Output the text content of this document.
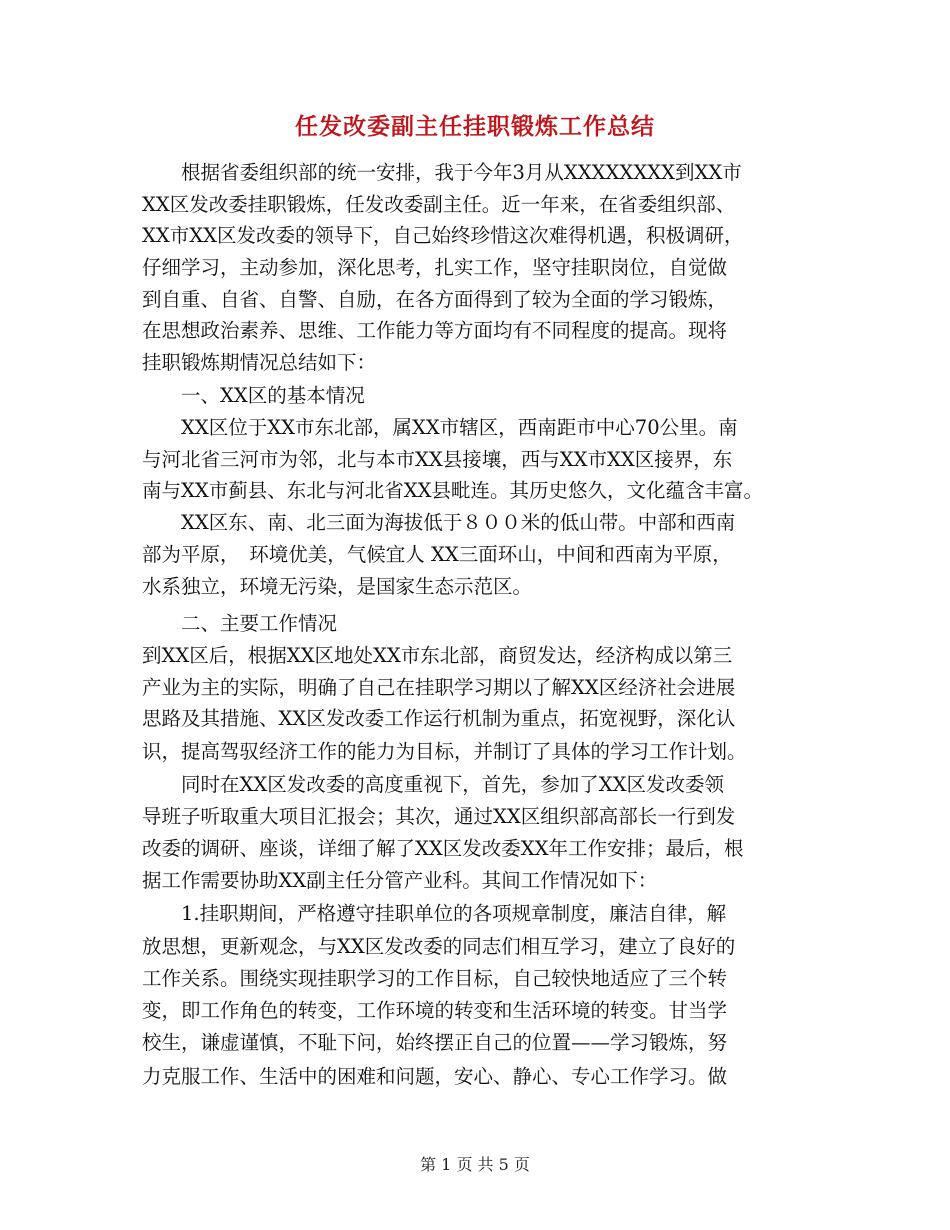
任发改委副主任挂职锻炼工作总结
　　根据省委组织部的统一安排，我于今年3月从XXXXXXXX到XX市
XX区发改委挂职锻炼，任发改委副主任。近一年来，在省委组织部、
XX市XX区发改委的领导下，自己始终珍惜这次难得机遇，积极调研，
仔细学习，主动参加，深化思考，扎实工作，坚守挂职岗位，自觉做
到自重、自省、自警、自励，在各方面得到了较为全面的学习锻炼，
在思想政治素养、思维、工作能力等方面均有不同程度的提高。现将
挂职锻炼期情况总结如下：
　　一、XX区的基本情况
　　XX区位于XX市东北部，属XX市辖区，西南距市中心70公里。南
与河北省三河市为邻，北与本市XX县接壤，西与XX市XX区接界，东
南与XX市蓟县、东北与河北省XX县毗连。其历史悠久，文化蕴含丰富。
　　XX区东、南、北三面为海拔低于８００米的低山带。中部和西南
部为平原，　环境优美，气候宜人 XX三面环山，中间和西南为平原，
水系独立，环境无污染，是国家生态示范区。
　　二、主要工作情况
到XX区后，根据XX区地处XX市东北部，商贸发达，经济构成以第三
产业为主的实际，明确了自己在挂职学习期以了解XX区经济社会进展
思路及其措施、XX区发改委工作运行机制为重点，拓宽视野，深化认
识，提高驾驭经济工作的能力为目标，并制订了具体的学习工作计划。
　　同时在XX区发改委的高度重视下，首先，参加了XX区发改委领
导班子听取重大项目汇报会；其次，通过XX区组织部高部长一行到发
改委的调研、座谈，详细了解了XX区发改委XX年工作安排；最后，根
据工作需要协助XX副主任分管产业科。其间工作情况如下：
　　1.挂职期间，严格遵守挂职单位的各项规章制度，廉洁自律，解
放思想，更新观念，与XX区发改委的同志们相互学习，建立了良好的
工作关系。围绕实现挂职学习的工作目标，自己较快地适应了三个转
变，即工作角色的转变，工作环境的转变和生活环境的转变。甘当学
校生，谦虚谨慎，不耻下问，始终摆正自己的位置——学习锻炼，努
力克服工作、生活中的困难和问题，安心、静心、专心工作学习。做
第 1 页 共 5 页
